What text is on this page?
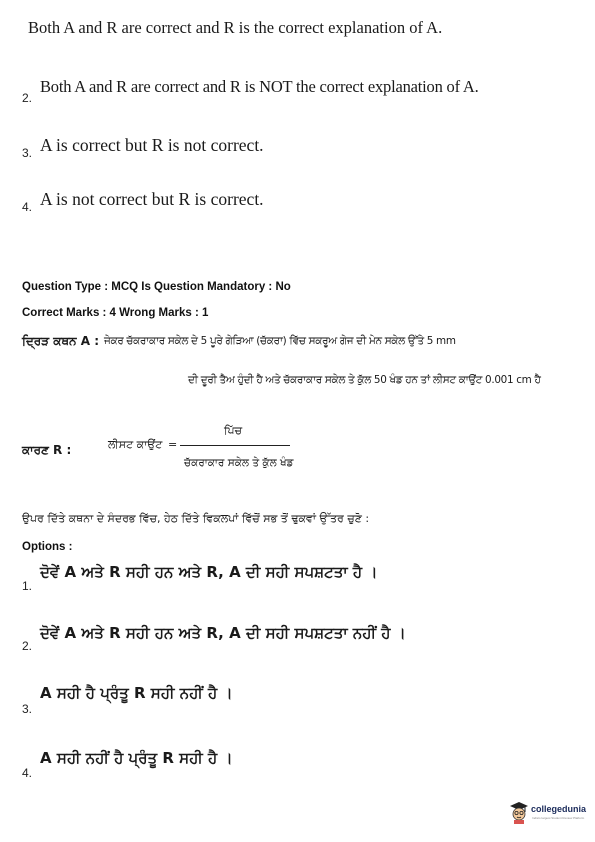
Both A and R are correct and R is the correct explanation of A.
2.
Both A and R are correct and R is NOT the correct explanation of A.
3. A is correct but R is not correct.
4. A is not correct but R is correct.
Question Type : MCQ Is Question Mandatory : No
Correct Marks : 4 Wrong Marks : 1
ਦ੍ਰਿੜ ਕਥਨ A : ਜੇਕਰ ਚੱਕਰਾਕਾਰ ਸਕੇਲ ਦੇ 5 ਪੂਰੇ ਗੇੜਿਆ (ਚੱਕਰਾ) ਵਿੱਚ ਸਕਰੂਅ ਗੇਜ ਦੀ ਮੇਨ ਸਕੇਲ ਉੱਤੇ 5 mm
ਦੀ ਦੂਰੀ ਤੈਅ ਹੁੰਦੀ ਹੈ ਅਤੇ ਚੱਕਰਾਕਾਰ ਸਕੇਲ ਤੇ ਕੁੱਲ 50 ਖੰਡ ਹਨ ਤਾਂ ਲੀਸਟ ਕਾਉਂਟ 0.001 cm ਹੈ
ਕਾਰਣ R :	ਲੀਸਟ ਕਾਉਂਟ =
ਪਿੱਚ
ਚੱਕਰਾਕਾਰ ਸਕੇਲ ਤੇ ਕੁੱਲ ਖੰਡ
ਉਪਰ ਦਿੱਤੇ ਕਥਨਾ ਦੇ ਸੰਦਰਭ ਵਿੱਚ, ਹੇਠ ਦਿੱਤੇ ਵਿਕਲਪਾਂ ਵਿੱਚੋਂ ਸਭ ਤੋਂ ਢੁਕਵਾਂ ਉੱਤਰ ਚੁਣੋ :
Options :
1.
ਦੋਵੇਂ A ਅਤੇ R ਸਹੀ ਹਨ ਅਤੇ R, A ਦੀ ਸਹੀ ਸਪਸ਼ਟਤਾ ਹੈ ।
2.
ਦੋਵੇਂ A ਅਤੇ R ਸਹੀ ਹਨ ਅਤੇ R, A ਦੀ ਸਹੀ ਸਪਸ਼ਟਤਾ ਨਹੀਂ ਹੈ ।
3.
A ਸਹੀ ਹੈ ਪ੍ਰੰਤੂ R ਸਹੀ ਨਹੀਂ ਹੈ ।
4.
A ਸਹੀ ਨਹੀਂ ਹੈ ਪ੍ਰੰਤੂ R ਸਹੀ ਹੈ ।
collegedunia
India's largest Student Review Platform
